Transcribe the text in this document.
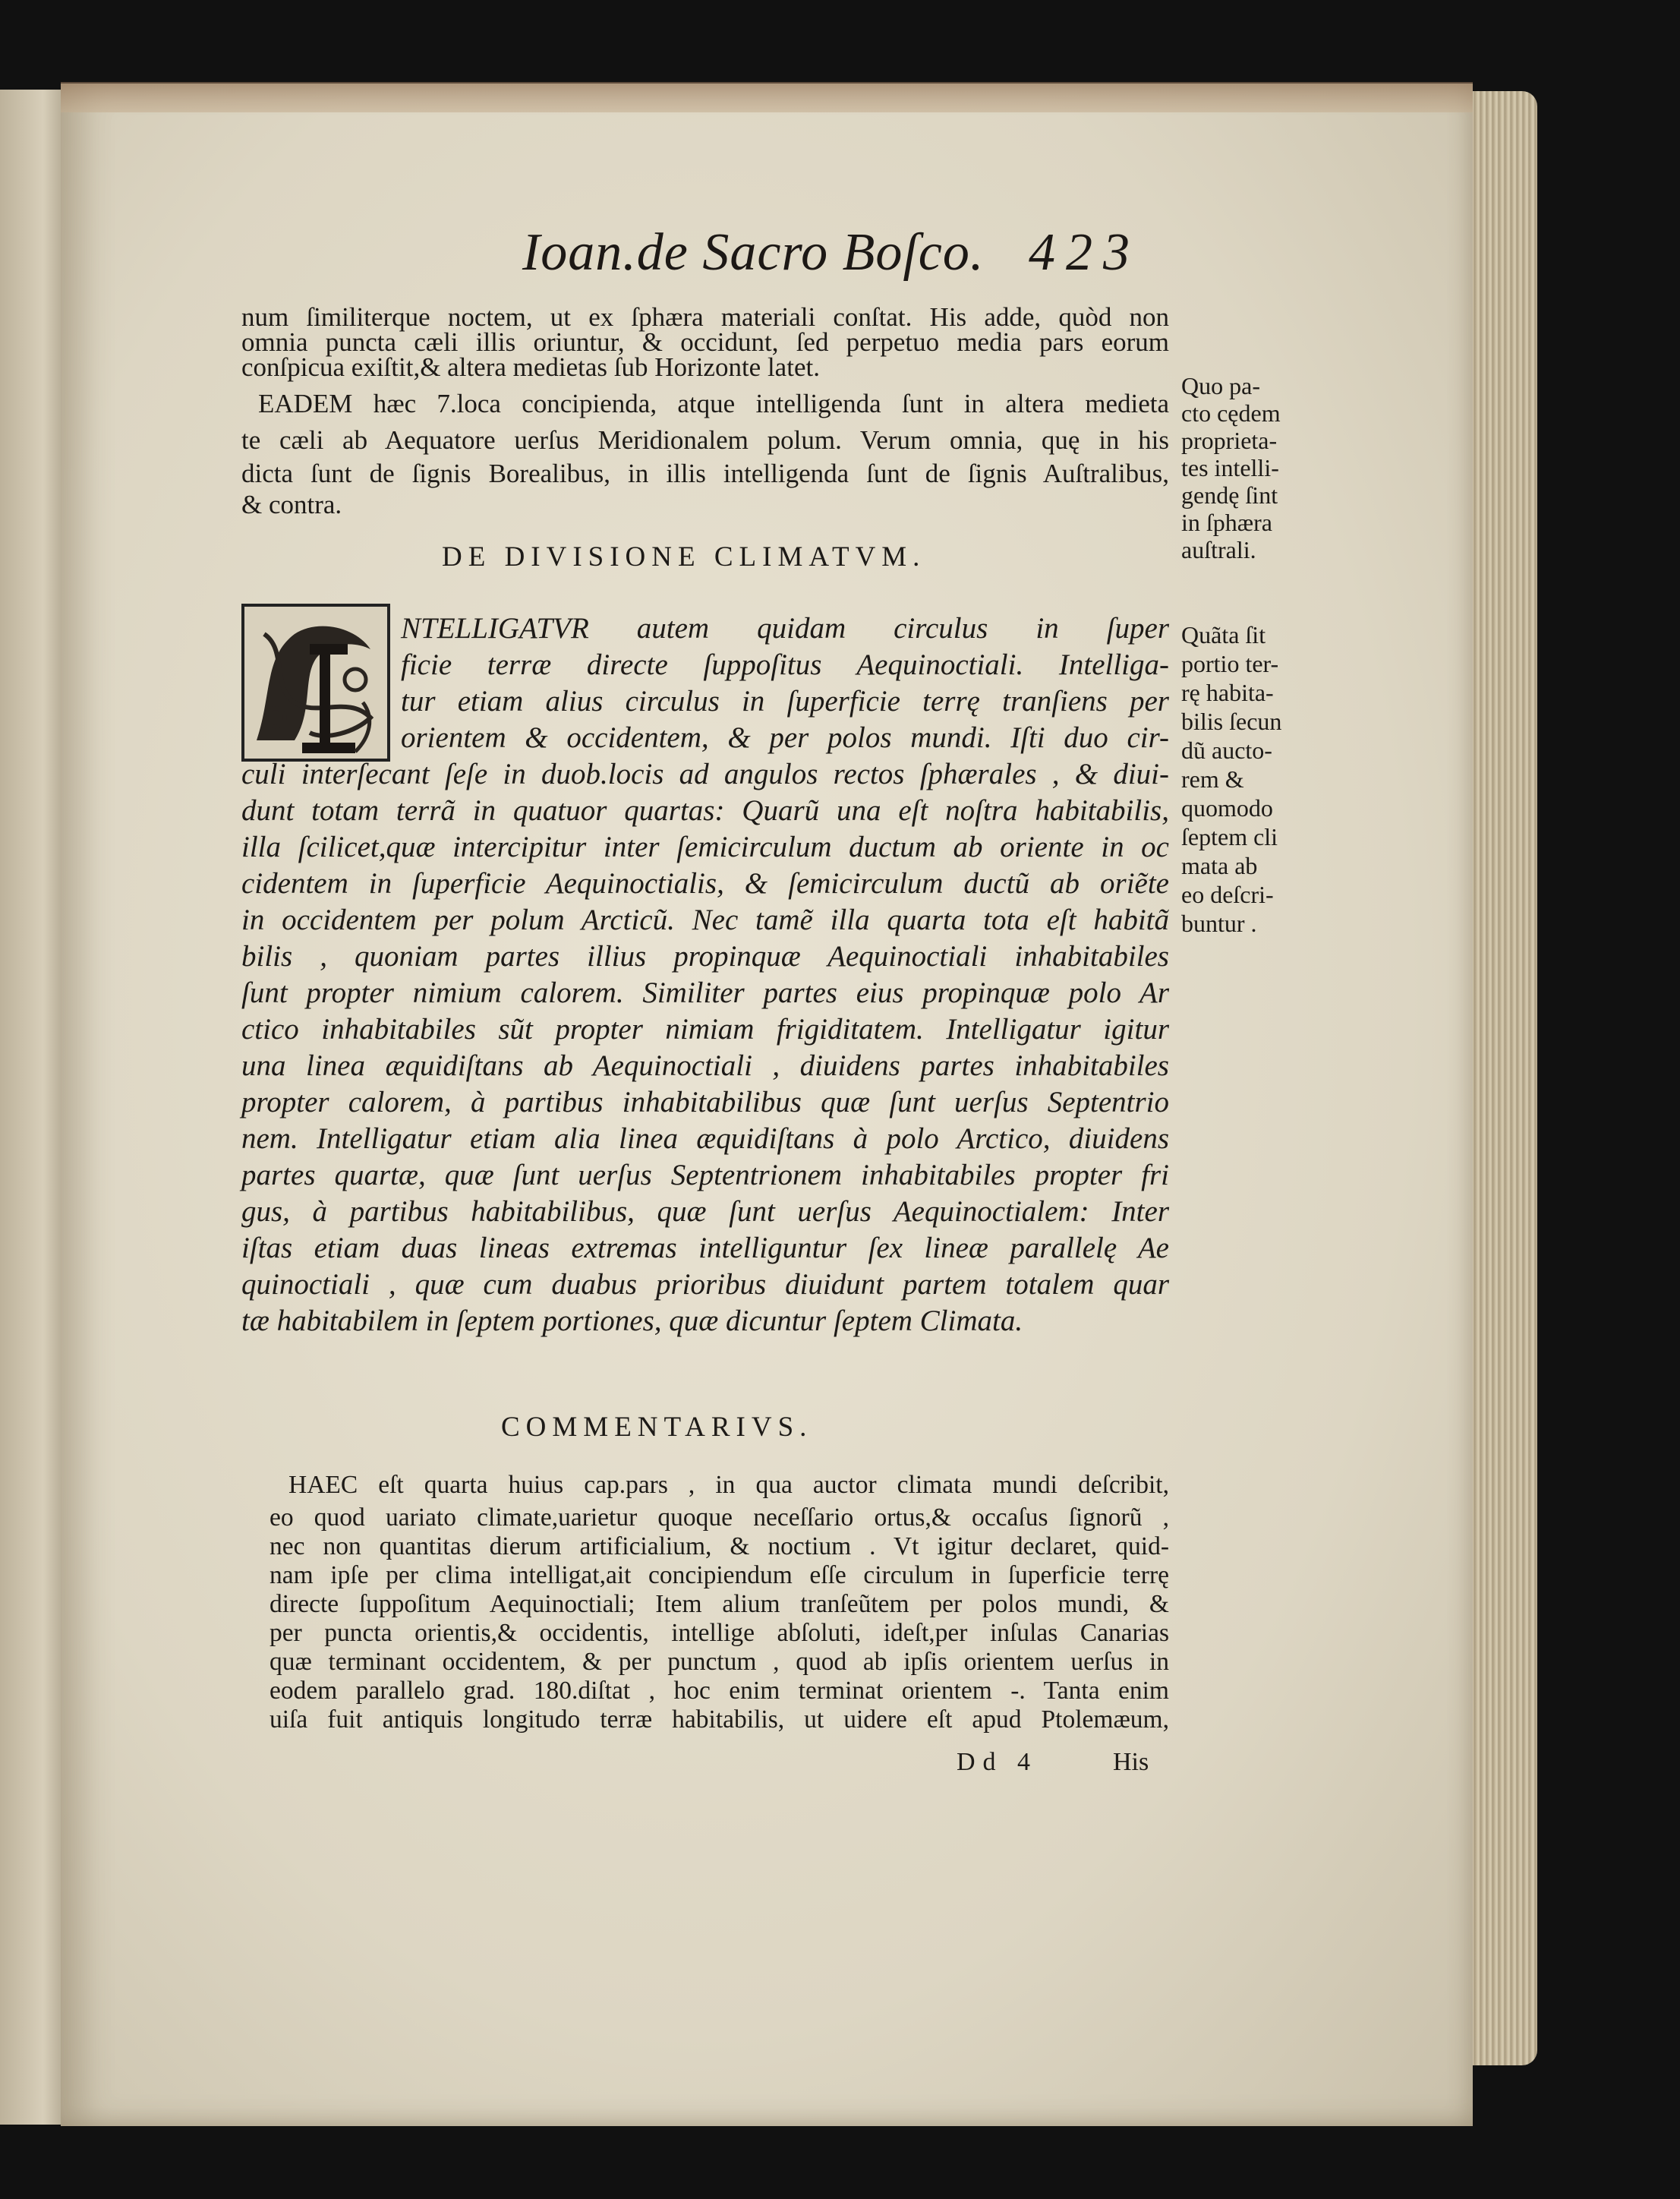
Ioan.de Sacro Boſco. 423
num ſimiliterque noctem, ut ex ſphæra materiali conſtat. His adde, quòd non
omnia puncta cæli illis oriuntur, & occidunt, ſed perpetuo media pars eorum
conſpicua exiſtit,& altera medietas ſub Horizonte latet.
EADEM hæc 7.loca concipienda, atque intelligenda ſunt in altera medieta
te cæli ab Aequatore uerſus Meridionalem polum. Verum omnia, quę in his
dicta ſunt de ſignis Borealibus, in illis intelligenda ſunt de ſignis Auſtralibus,
& contra.
DE DIVISIONE CLIMATVM.
NTELLIGATVR autem quidam circulus in ſuper
ficie terræ directe ſuppoſitus Aequinoctiali. Intelliga-
tur etiam alius circulus in ſuperficie terrę tranſiens per
orientem & occidentem, & per polos mundi. Iſti duo cir-
culi interſecant ſeſe in duob.locis ad angulos rectos ſphærales , & diui-
dunt totam terrã in quatuor quartas: Quarũ una eſt noſtra habitabilis,
illa ſcilicet,quæ intercipitur inter ſemicirculum ductum ab oriente in oc
cidentem in ſuperficie Aequinoctialis, & ſemicirculum ductũ ab oriẽte
in occidentem per polum Arcticũ. Nec tamẽ illa quarta tota eſt habitã
bilis , quoniam partes illius propinquæ Aequinoctiali inhabitabiles
ſunt propter nimium calorem. Similiter partes eius propinquæ polo Ar
ctico inhabitabiles sũt propter nimiam frigiditatem. Intelligatur igitur
una linea æquidiſtans ab Aequinoctiali , diuidens partes inhabitabiles
propter calorem, à partibus inhabitabilibus quæ ſunt uerſus Septentrio
nem. Intelligatur etiam alia linea æquidiſtans à polo Arctico, diuidens
partes quartæ, quæ ſunt uerſus Septentrionem inhabitabiles propter fri
gus, à partibus habitabilibus, quæ ſunt uerſus Aequinoctialem: Inter
iſtas etiam duas lineas extremas intelliguntur ſex lineæ parallelę Ae
quinoctiali , quæ cum duabus prioribus diuidunt partem totalem quar
tæ habitabilem in ſeptem portiones, quæ dicuntur ſeptem Climata.
COMMENTARIVS.
HAEC eſt quarta huius cap.pars , in qua auctor climata mundi deſcribit,
eo quod uariato climate,uarietur quoque neceſſario ortus,& occaſus ſignorũ ,
nec non quantitas dierum artificialium, & noctium . Vt igitur declaret, quid-
nam ipſe per clima intelligat,ait concipiendum eſſe circulum in ſuperficie terrę
directe ſuppoſitum Aequinoctiali; Item alium tranſeũtem per polos mundi, &
per puncta orientis,& occidentis, intellige abſoluti, ideſt,per inſulas Canarias
quæ terminant occidentem, & per punctum , quod ab ipſis orientem uerſus in
eodem parallelo grad. 180.diſtat , hoc enim terminat orientem -. Tanta enim
uiſa fuit antiquis longitudo terræ habitabilis, ut uidere eſt apud Ptolemæum,
Dd 4	His
Quo pa-
cto cędem
proprieta-
tes intelli-
gendę ſint
in ſphæra
auſtrali.
Quãta ſit
portio ter-
rę habita-
bilis ſecun
dũ aucto-
rem &
quomodo
ſeptem cli
mata ab
eo deſcri-
buntur .
